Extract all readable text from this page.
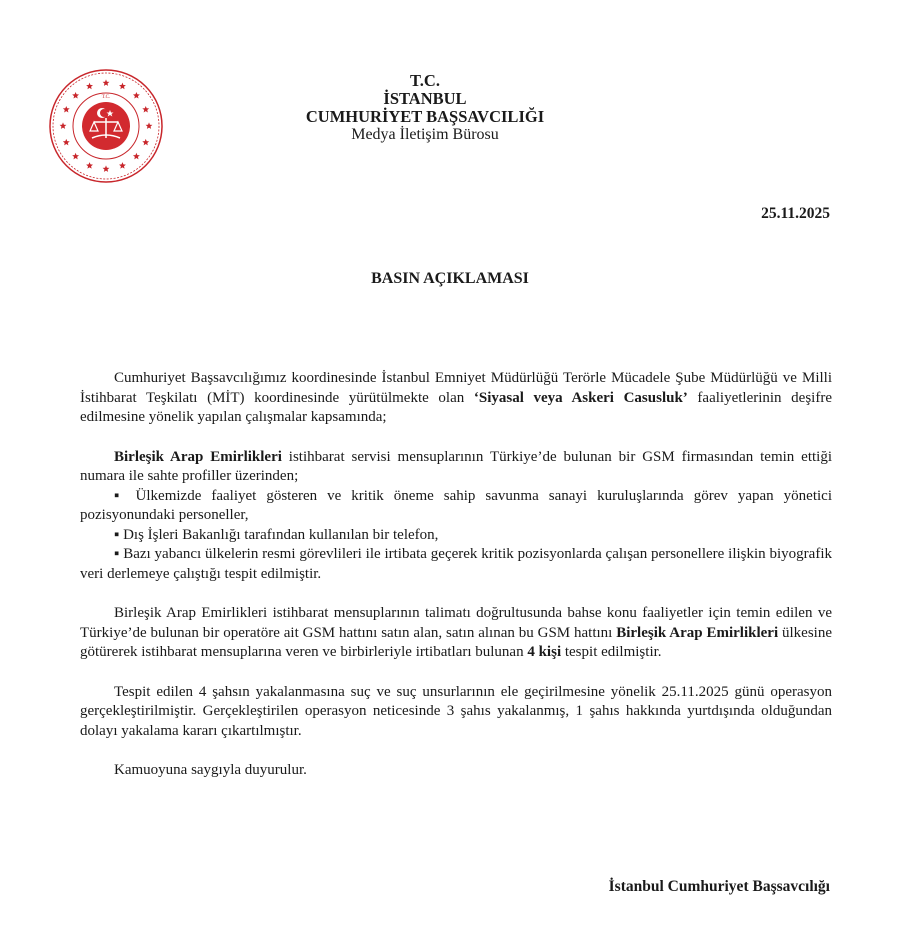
T.C.
T.C.
İSTANBUL
CUMHURİYET BAŞSAVCILIĞI
Medya İletişim Bürosu
25.11.2025
BASIN AÇIKLAMASI

Cumhuriyet Başsavcılığımız koordinesinde İstanbul Emniyet Müdürlüğü Terörle Mücadele Şube Müdürlüğü ve Milli İstihbarat Teşkilatı (MİT) koordinesinde yürütülmekte olan ‘Siyasal veya Askeri Casusluk’ faaliyetlerinin deşifre edilmesine yönelik yapılan çalışmalar kapsamında;

Birleşik Arap Emirlikleri istihbarat servisi mensuplarının Türkiye’de bulunan bir GSM firmasından temin ettiği numara ile sahte profiller üzerinden;

▪ Ülkemizde faaliyet gösteren ve kritik öneme sahip savunma sanayi kuruluşlarında görev yapan yönetici pozisyonundaki personeller,

▪ Dış İşleri Bakanlığı tarafından kullanılan bir telefon,

▪ Bazı yabancı ülkelerin resmi görevlileri ile irtibata geçerek kritik pozisyonlarda çalışan personellere ilişkin biyografik veri derlemeye çalıştığı tespit edilmiştir.

Birleşik Arap Emirlikleri istihbarat mensuplarının talimatı doğrultusunda bahse konu faaliyetler için temin edilen ve Türkiye’de bulunan bir operatöre ait GSM hattını satın alan, satın alınan bu GSM hattını Birleşik Arap Emirlikleri ülkesine götürerek istihbarat mensuplarına veren ve birbirleriyle irtibatları bulunan 4 kişi tespit edilmiştir.

Tespit edilen 4 şahsın yakalanmasına suç ve suç unsurlarının ele geçirilmesine yönelik 25.11.2025 günü operasyon gerçekleştirilmiştir. Gerçekleştirilen operasyon neticesinde 3 şahıs yakalanmış, 1 şahıs hakkında yurtdışında olduğundan dolayı yakalama kararı çıkartılmıştır.

Kamuoyuna saygıyla duyurulur.

İstanbul Cumhuriyet Başsavcılığı
